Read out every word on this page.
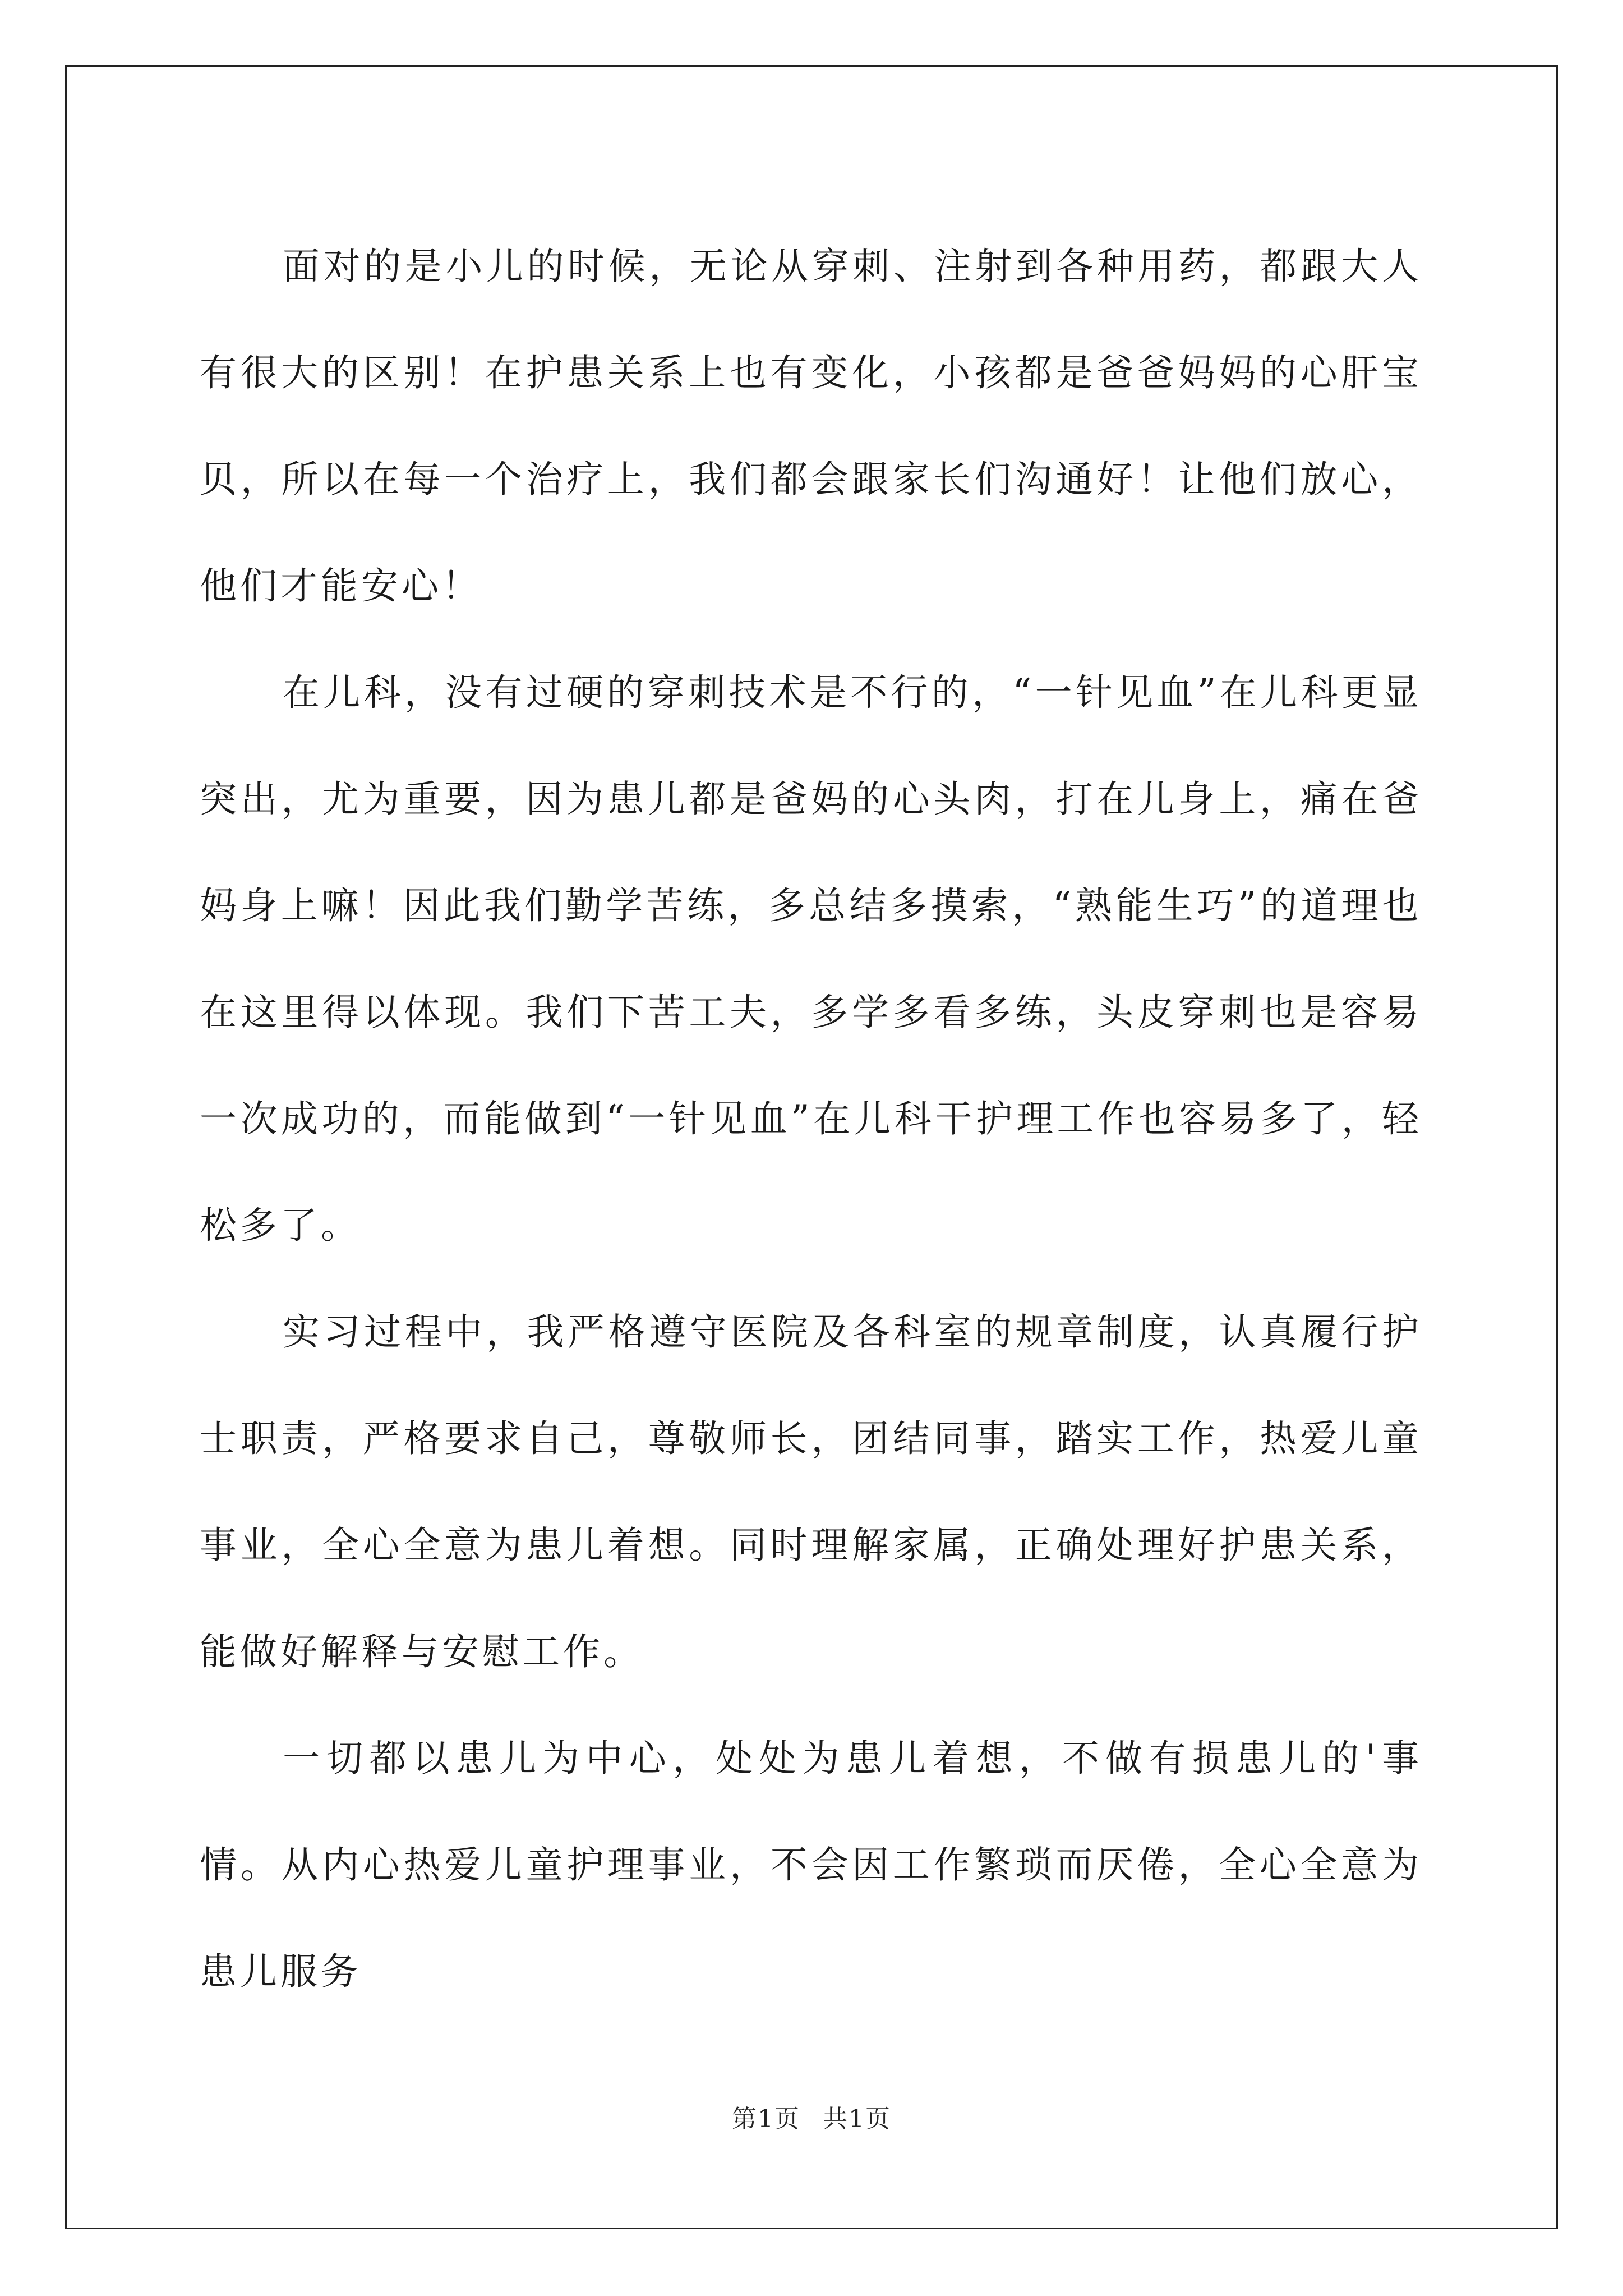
面对的是小儿的时候，无论从穿刺、注射到各种用药，都跟大人有很大的区别！在护患关系上也有变化，小孩都是爸爸妈妈的心肝宝贝，所以在每一个治疗上，我们都会跟家长们沟通好！让他们放心，他们才能安心！

在儿科，没有过硬的穿刺技术是不行的，“一针见血”在儿科更显突出，尤为重要，因为患儿都是爸妈的心头肉，打在儿身上，痛在爸妈身上嘛！因此我们勤学苦练，多总结多摸索，“熟能生巧”的道理也在这里得以体现。我们下苦工夫，多学多看多练，头皮穿刺也是容易一次成功的，而能做到“一针见血”在儿科干护理工作也容易多了，轻松多了。

实习过程中，我严格遵守医院及各科室的规章制度，认真履行护士职责，严格要求自己，尊敬师长，团结同事，踏实工作，热爱儿童事业，全心全意为患儿着想。同时理解家属，正确处理好护患关系，能做好解释与安慰工作。

一切都以患儿为中心，处处为患儿着想，不做有损患儿的'事情。从内心热爱儿童护理事业，不会因工作繁琐而厌倦，全心全意为患儿服务

第1页 共1页
